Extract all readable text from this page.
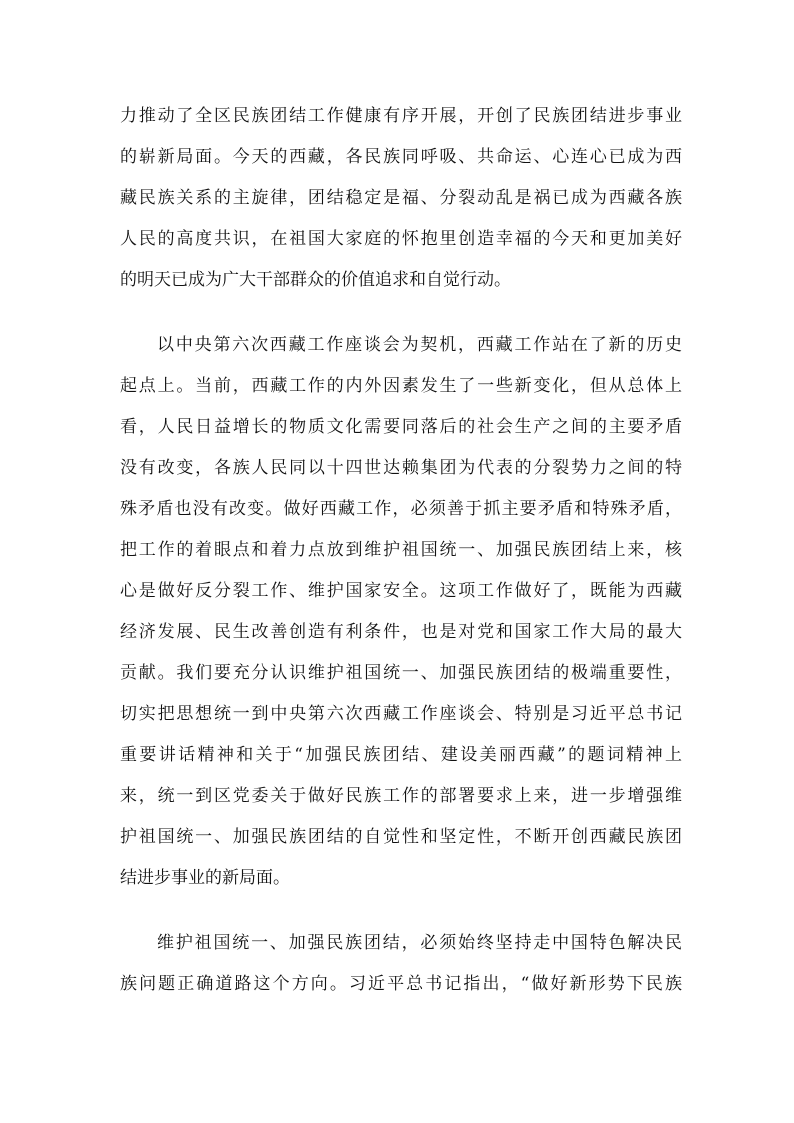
力推动了全区民族团结工作健康有序开展，开创了民族团结进步事业
的崭新局面。今天的西藏，各民族同呼吸、共命运、心连心已成为西
藏民族关系的主旋律，团结稳定是福、分裂动乱是祸已成为西藏各族
人民的高度共识，在祖国大家庭的怀抱里创造幸福的今天和更加美好
的明天已成为广大干部群众的价值追求和自觉行动。
以中央第六次西藏工作座谈会为契机，西藏工作站在了新的历史
起点上。当前，西藏工作的内外因素发生了一些新变化，但从总体上
看，人民日益增长的物质文化需要同落后的社会生产之间的主要矛盾
没有改变，各族人民同以十四世达赖集团为代表的分裂势力之间的特
殊矛盾也没有改变。做好西藏工作，必须善于抓主要矛盾和特殊矛盾，
把工作的着眼点和着力点放到维护祖国统一、加强民族团结上来，核
心是做好反分裂工作、维护国家安全。这项工作做好了，既能为西藏
经济发展、民生改善创造有利条件，也是对党和国家工作大局的最大
贡献。我们要充分认识维护祖国统一、加强民族团结的极端重要性，
切实把思想统一到中央第六次西藏工作座谈会、特别是习近平总书记
重要讲话精神和关于“加强民族团结、建设美丽西藏”的题词精神上
来，统一到区党委关于做好民族工作的部署要求上来，进一步增强维
护祖国统一、加强民族团结的自觉性和坚定性，不断开创西藏民族团
结进步事业的新局面。
维护祖国统一、加强民族团结，必须始终坚持走中国特色解决民
族问题正确道路这个方向。习近平总书记指出，“做好新形势下民族
